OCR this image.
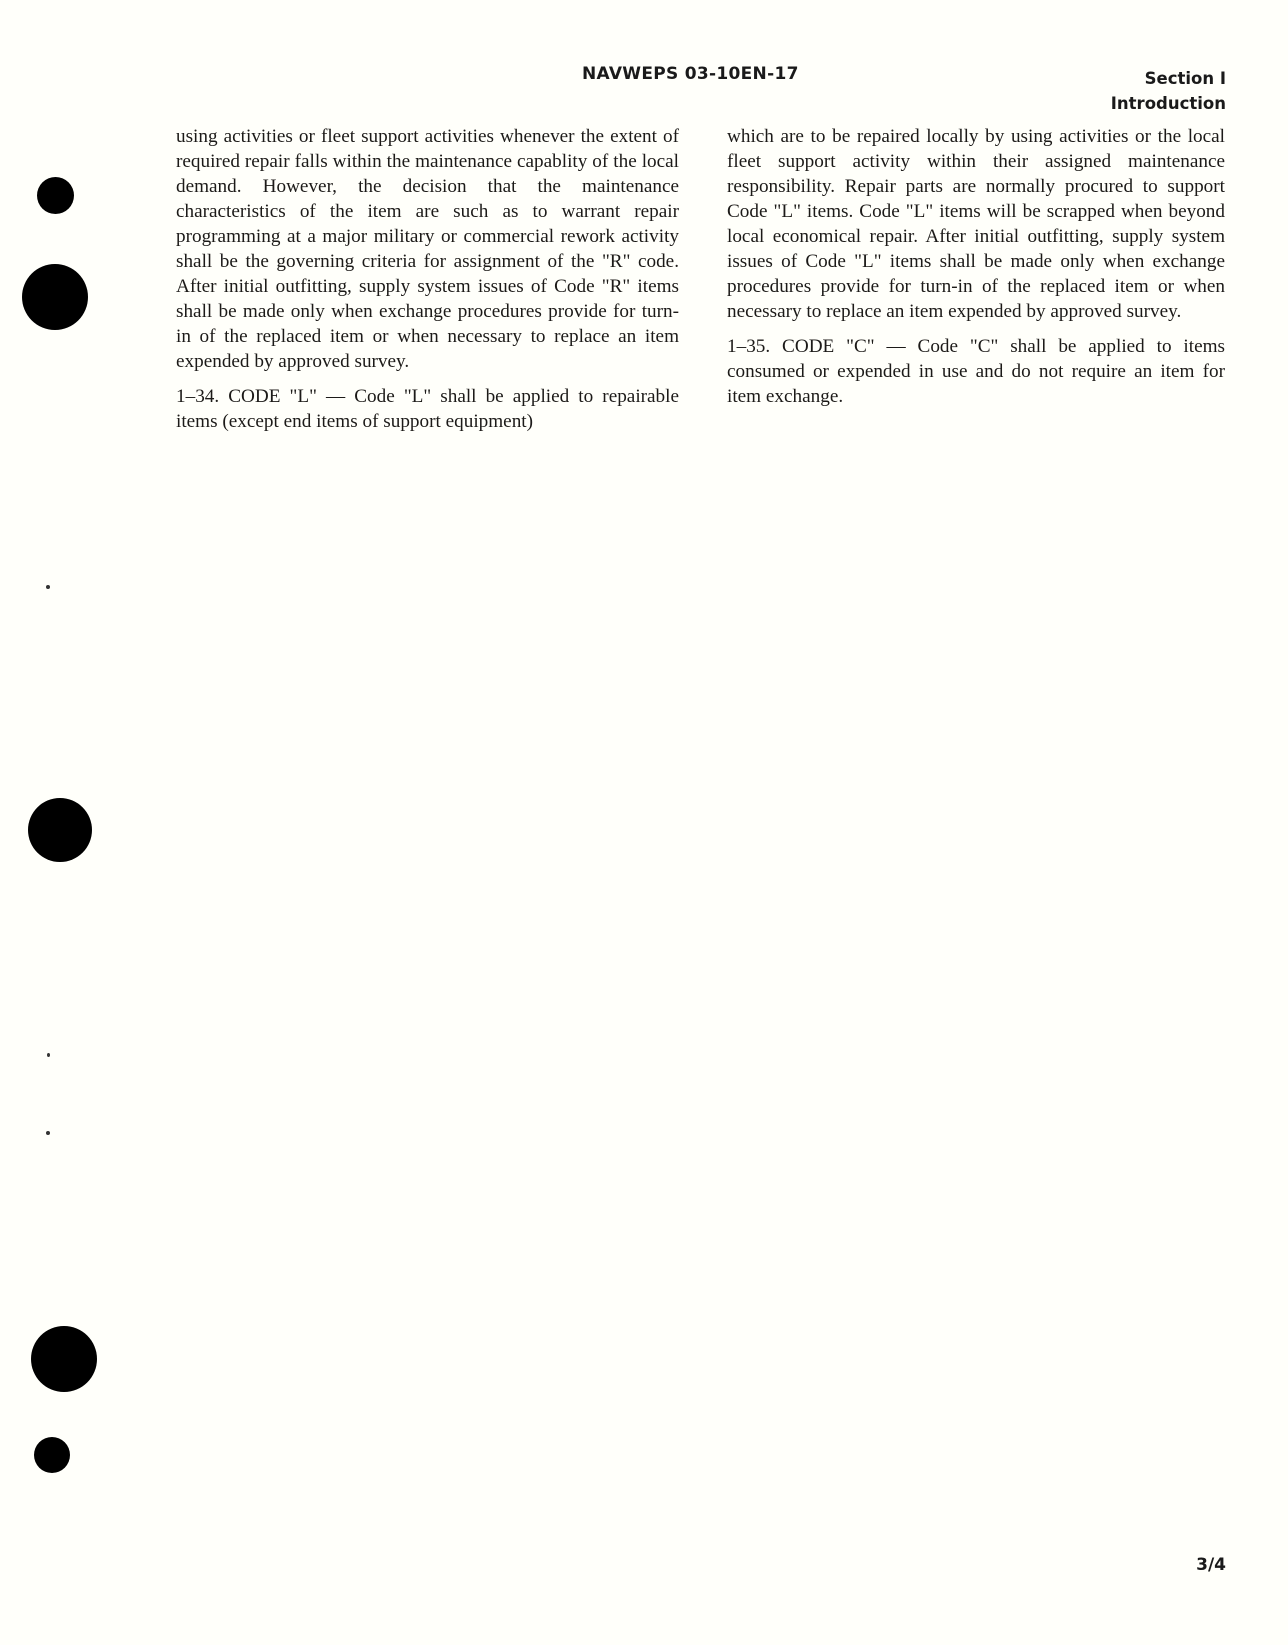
NAVWEPS 03-10EN-17	Section I
Introduction

using activities or fleet support activities whenever the extent of required repair falls within the maintenance capablity of the local demand. However, the decision that the maintenance characteristics of the item are such as to warrant repair programming at a major military or commercial rework activity shall be the governing criteria for assignment of the "R" code. After initial outfitting, supply system issues of Code "R" items shall be made only when exchange procedures provide for turn-in of the replaced item or when necessary to replace an item expended by approved survey.

1–34. CODE "L" — Code "L" shall be applied to repairable items (except end items of support equipment)

which are to be repaired locally by using activities or the local fleet support activity within their assigned maintenance responsibility. Repair parts are normally procured to support Code "L" items. Code "L" items will be scrapped when beyond local economical repair. After initial outfitting, supply system issues of Code "L" items shall be made only when exchange procedures provide for turn-in of the replaced item or when necessary to replace an item expended by approved survey.

1–35. CODE "C" — Code "C" shall be applied to items consumed or expended in use and do not require an item for item exchange.

3/4
